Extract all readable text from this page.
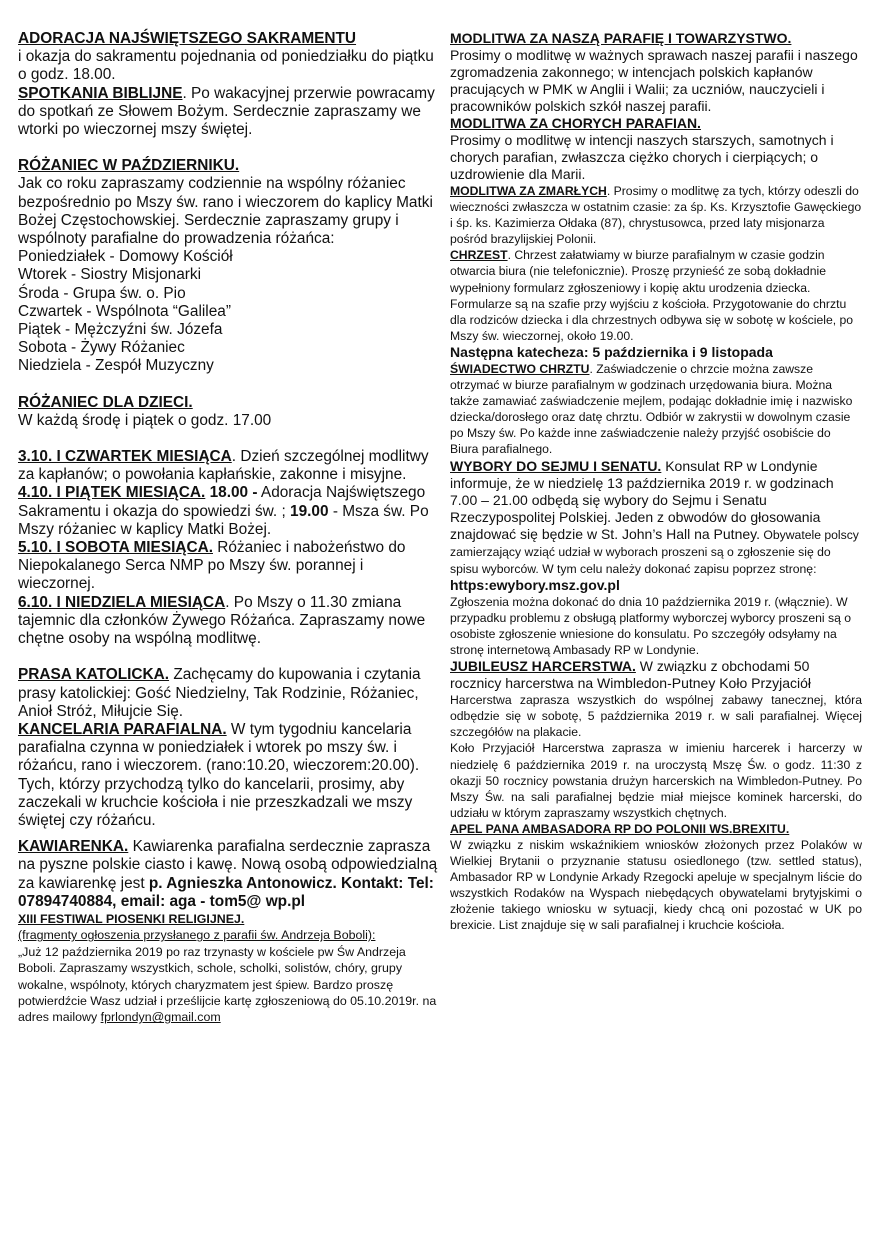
ADORACJA NAJŚWIĘTSZEGO SAKRAMENTU
i okazja do sakramentu pojednania od poniedziałku do piątku o godz. 18.00.

SPOTKANIA BIBLIJNE. Po wakacyjnej przerwie powracamy do spotkań ze Słowem Bożym. Serdecznie zapraszamy we wtorki po wieczornej mszy świętej.

RÓŻANIEC W PAŹDZIERNIKU.
Jak co roku zapraszamy codziennie na wspólny różaniec bezpośrednio po Mszy św. rano i wieczorem do kaplicy Matki Bożej Częstochowskiej. Serdecznie zapraszamy grupy i wspólnoty parafialne do prowadzenia różańca:
Poniedziałek - Domowy Kościół
Wtorek - Siostry Misjonarki
Środa - Grupa św. o. Pio
Czwartek - Wspólnota “Galilea”
Piątek - Mężczyźni św. Józefa
Sobota - Żywy Różaniec
Niedziela - Zespół Muzyczny

RÓŻANIEC DLA DZIECI.
W każdą środę i piątek o godz. 17.00

3.10. I CZWARTEK MIESIĄCA. Dzień szczególnej modlitwy za kapłanów; o powołania kapłańskie, zakonne i misyjne.

4.10. I PIĄTEK MIESIĄCA. 18.00 - Adoracja Najświętszego Sakramentu i okazja do spowiedzi św. ; 19.00 - Msza św. Po Mszy różaniec w kaplicy Matki Bożej.

5.10. I SOBOTA MIESIĄCA. Różaniec i nabożeństwo do Niepokalanego Serca NMP po Mszy św. porannej i wieczornej.

6.10. I NIEDZIELA MIESIĄCA. Po Mszy o 11.30 zmiana tajemnic dla członków Żywego Różańca. Zapraszamy nowe chętne osoby na wspólną modlitwę.

PRASA KATOLICKA. Zachęcamy do kupowania i czytania prasy katolickiej: Gość Niedzielny, Tak Rodzinie, Różaniec, Anioł Stróż, Miłujcie Się.

KANCELARIA PARAFIALNA. W tym tygodniu kancelaria parafialna czynna w poniedziałek i wtorek po mszy św. i różańcu, rano i wieczorem. (rano:10.20, wieczorem:20.00). Tych, którzy przychodzą tylko do kancelarii, prosimy, aby zaczekali w kruchcie kościoła i nie przeszkadzali we mszy świętej czy różańcu.

KAWIARENKA. Kawiarenka parafialna serdecznie zaprasza na pyszne polskie ciasto i kawę. Nową osobą odpowiedzialną za kawiarenkę jest p. Agnieszka Antonowicz. Kontakt: Tel: 07894740884, email: aga - tom5@ wp.pl

XIII FESTIWAL PIOSENKI RELIGIJNEJ.
(fragmenty ogłoszenia przysłanego z parafii św. Andrzeja Boboli):
„Już 12 października 2019 po raz trzynasty w kościele pw Św Andrzeja Boboli. Zapraszamy wszystkich, schole, scholki, solistów, chóry, grupy wokalne, wspólnoty, których charyzmatem jest śpiew. Bardzo proszę potwierdźcie Wasz udział i prześlijcie kartę zgłoszeniową do 05.10.2019r. na adres mailowy fprlondyn@gmail.com

MODLITWA ZA NASZĄ PARAFIĘ I TOWARZYSTWO.
Prosimy o modlitwę w ważnych sprawach naszej parafii i naszego zgromadzenia zakonnego; w intencjach polskich kapłanów pracujących w PMK w Anglii i Walii; za uczniów, nauczycieli i pracowników polskich szkół naszej parafii.

MODLITWA ZA CHORYCH PARAFIAN.
Prosimy o modlitwę w intencji naszych starszych, samotnych i chorych parafian, zwłaszcza ciężko chorych i cierpiących; o uzdrowienie dla Marii.

MODLITWA ZA ZMARŁYCH. Prosimy o modlitwę za tych, którzy odeszli do wieczności zwłaszcza w ostatnim czasie: za śp. Ks. Krzysztofie Gawęckiego i śp. ks. Kazimierza Ołdaka (87), chrystusowca, przed laty misjonarza pośród brazylijskiej Polonii.

CHRZEST. Chrzest załatwiamy w biurze parafialnym w czasie godzin otwarcia biura (nie telefonicznie). Proszę przynieść ze sobą dokładnie wypełniony formularz zgłoszeniowy i kopię aktu urodzenia dziecka. Formularze są na szafie przy wyjściu z kościoła. Przygotowanie do chrztu dla rodziców dziecka i dla chrzestnych odbywa się w sobotę w kościele, po Mszy św. wieczornej, około 19.00.

Następna katecheza: 5 października i 9 listopada

ŚWIADECTWO CHRZTU. Zaświadczenie o chrzcie można zawsze otrzymać w biurze parafialnym w godzinach urzędowania biura. Można także zamawiać zaświadczenie mejlem, podając dokładnie imię i nazwisko dziecka/dorosłego oraz datę chrztu. Odbiór w zakrystii w dowolnym czasie po Mszy św. Po każde inne zaświadczenie należy przyjść osobiście do Biura parafialnego.

WYBORY DO SEJMU I SENATU. Konsulat RP w Londynie informuje, że w niedzielę 13 października 2019 r. w godzinach 7.00 – 21.00 odbędą się wybory do Sejmu i Senatu Rzeczypospolitej Polskiej. Jeden z obwodów do głosowania znajdować się będzie w St. John’s Hall na Putney. Obywatele polscy zamierzający wziąć udział w wyborach proszeni są o zgłoszenie się do spisu wyborców. W tym celu należy dokonać zapisu poprzez stronę:

https:ewybory.msz.gov.pl

Zgłoszenia można dokonać do dnia 10 października 2019 r. (włącznie). W przypadku problemu z obsługą platformy wyborczej wyborcy proszeni są o osobiste zgłoszenie wniesione do konsulatu. Po szczegóły odsyłamy na stronę internetową Ambasady RP w Londynie.

JUBILEUSZ HARCERSTWA. W związku z obchodami 50 rocznicy harcerstwa na Wimbledon-Putney Koło Przyjaciół

Harcerstwa zaprasza wszystkich do wspólnej zabawy tanecznej, która odbędzie się w sobotę, 5 października 2019 r. w sali parafialnej. Więcej szczegółów na plakacie.

Koło Przyjaciół Harcerstwa zaprasza w imieniu harcerek i harcerzy w niedzielę 6 października 2019 r. na uroczystą Mszę Św. o godz. 11:30 z okazji 50 rocznicy powstania drużyn harcerskich na Wimbledon-Putney. Po Mszy Św. na sali parafialnej będzie miał miejsce kominek harcerski, do udziału w którym zapraszamy wszystkich chętnych.

APEL PANA AMBASADORA RP DO POLONII WS.BREXITU.
W związku z niskim wskaźnikiem wniosków złożonych przez Polaków w Wielkiej Brytanii o przyznanie statusu osiedlonego (tzw. settled status), Ambasador RP w Londynie Arkady Rzegocki apeluje w specjalnym liście do wszystkich Rodaków na Wyspach niebędących obywatelami brytyjskimi o złożenie takiego wniosku w sytuacji, kiedy chcą oni pozostać w UK po brexicie. List znajduje się w sali parafialnej i kruchcie kościoła.
